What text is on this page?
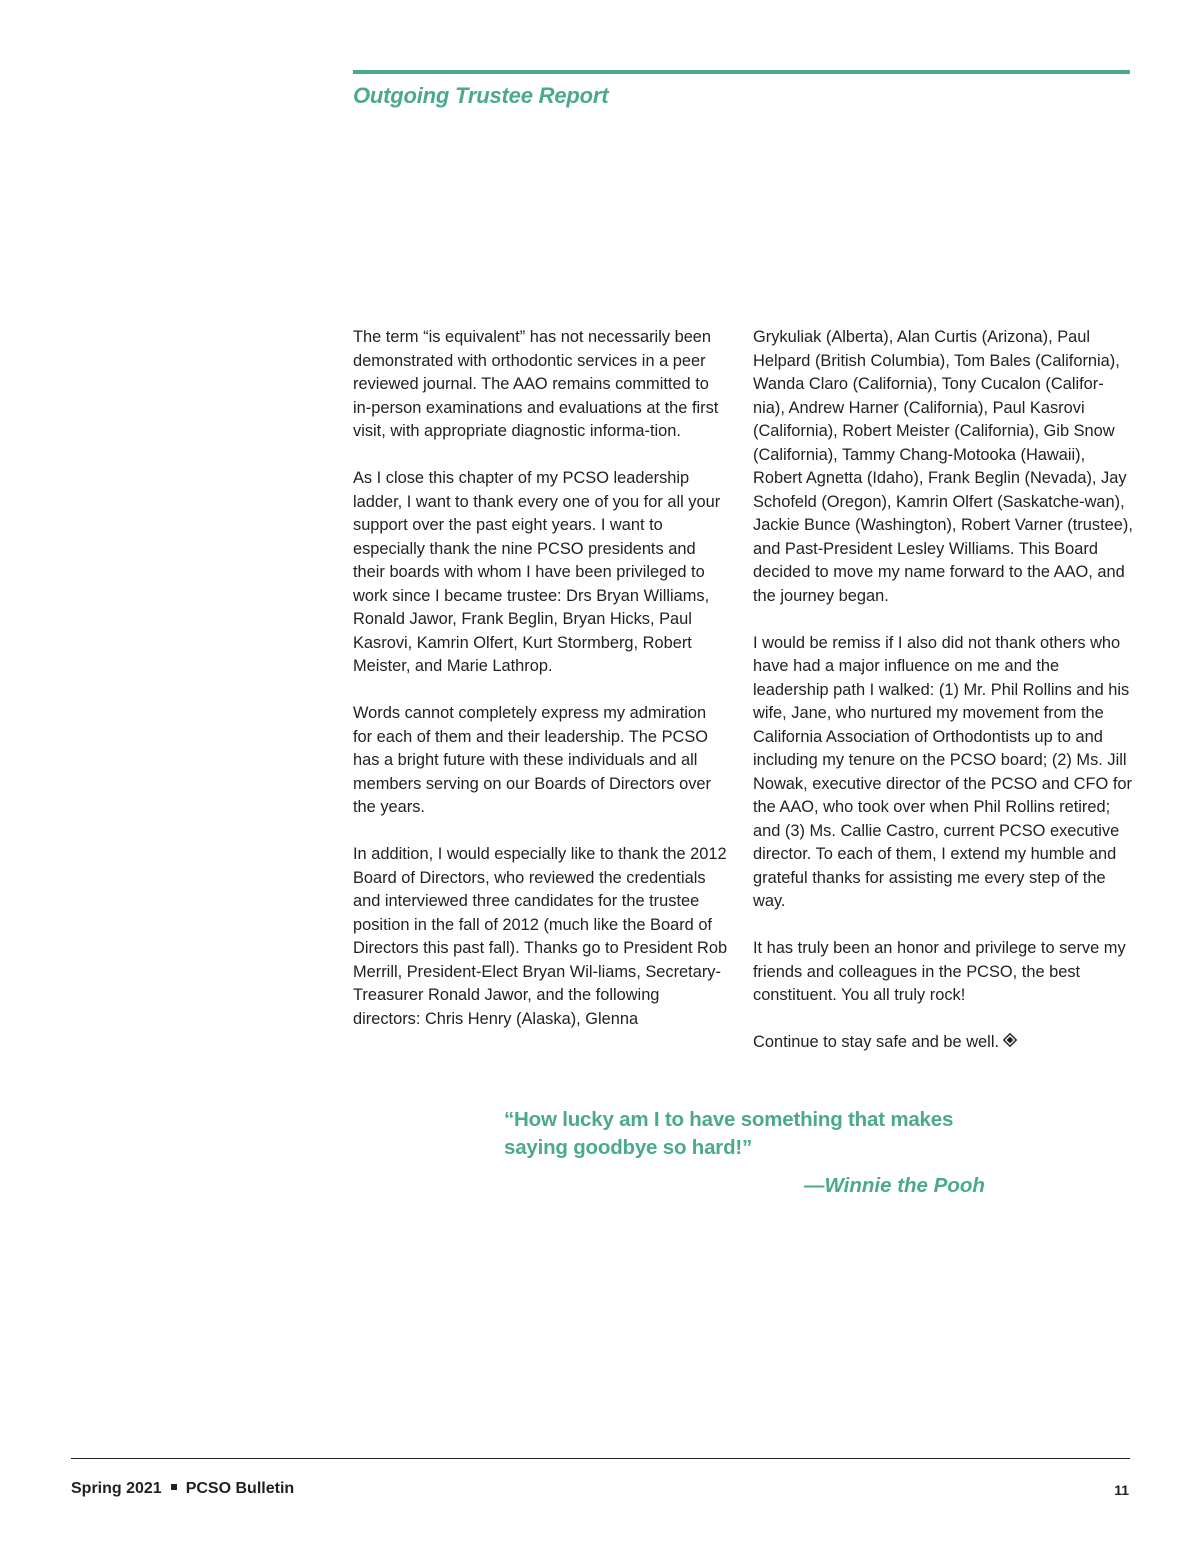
Outgoing Trustee Report

The term “is equivalent” has not necessarily been demonstrated with orthodontic services in a peer reviewed journal. The AAO remains committed to in-person examinations and evaluations at the first visit, with appropriate diagnostic informa-tion.

As I close this chapter of my PCSO leadership ladder, I want to thank every one of you for all your support over the past eight years. I want to especially thank the nine PCSO presidents and their boards with whom I have been privileged to work since I became trustee: Drs Bryan Williams, Ronald Jawor, Frank Beglin, Bryan Hicks, Paul Kasrovi, Kamrin Olfert, Kurt Stormberg, Robert Meister, and Marie Lathrop.

Words cannot completely express my admiration for each of them and their leadership. The PCSO has a bright future with these individuals and all members serving on our Boards of Directors over the years.

In addition, I would especially like to thank the 2012 Board of Directors, who reviewed the credentials and interviewed three candidates for the trustee position in the fall of 2012 (much like the Board of Directors this past fall). Thanks go to President Rob Merrill, President-Elect Bryan Wil-liams, Secretary-Treasurer Ronald Jawor, and the following directors: Chris Henry (Alaska), Glenna

Grykuliak (Alberta), Alan Curtis (Arizona), Paul Helpard (British Columbia), Tom Bales (California), Wanda Claro (California), Tony Cucalon (Califor-nia), Andrew Harner (California), Paul Kasrovi (California), Robert Meister (California), Gib Snow (California), Tammy Chang-Motooka (Hawaii), Robert Agnetta (Idaho), Frank Beglin (Nevada), Jay Schofeld (Oregon), Kamrin Olfert (Saskatche-wan), Jackie Bunce (Washington), Robert Varner (trustee), and Past-President Lesley Williams. This Board decided to move my name forward to the AAO, and the journey began.

I would be remiss if I also did not thank others who have had a major influence on me and the leadership path I walked: (1) Mr. Phil Rollins and his wife, Jane, who nurtured my movement from the California Association of Orthodontists up to and including my tenure on the PCSO board; (2) Ms. Jill Nowak, executive director of the PCSO and CFO for the AAO, who took over when Phil Rollins retired; and (3) Ms. Callie Castro, current PCSO executive director. To each of them, I extend my humble and grateful thanks for assisting me every step of the way.

It has truly been an honor and privilege to serve my friends and colleagues in the PCSO, the best constituent. You all truly rock!

Continue to stay safe and be well.

“How lucky am I to have something that makes saying goodbye so hard!”

—Winnie the Pooh

Spring 2021 PCSO Bulletin	11
